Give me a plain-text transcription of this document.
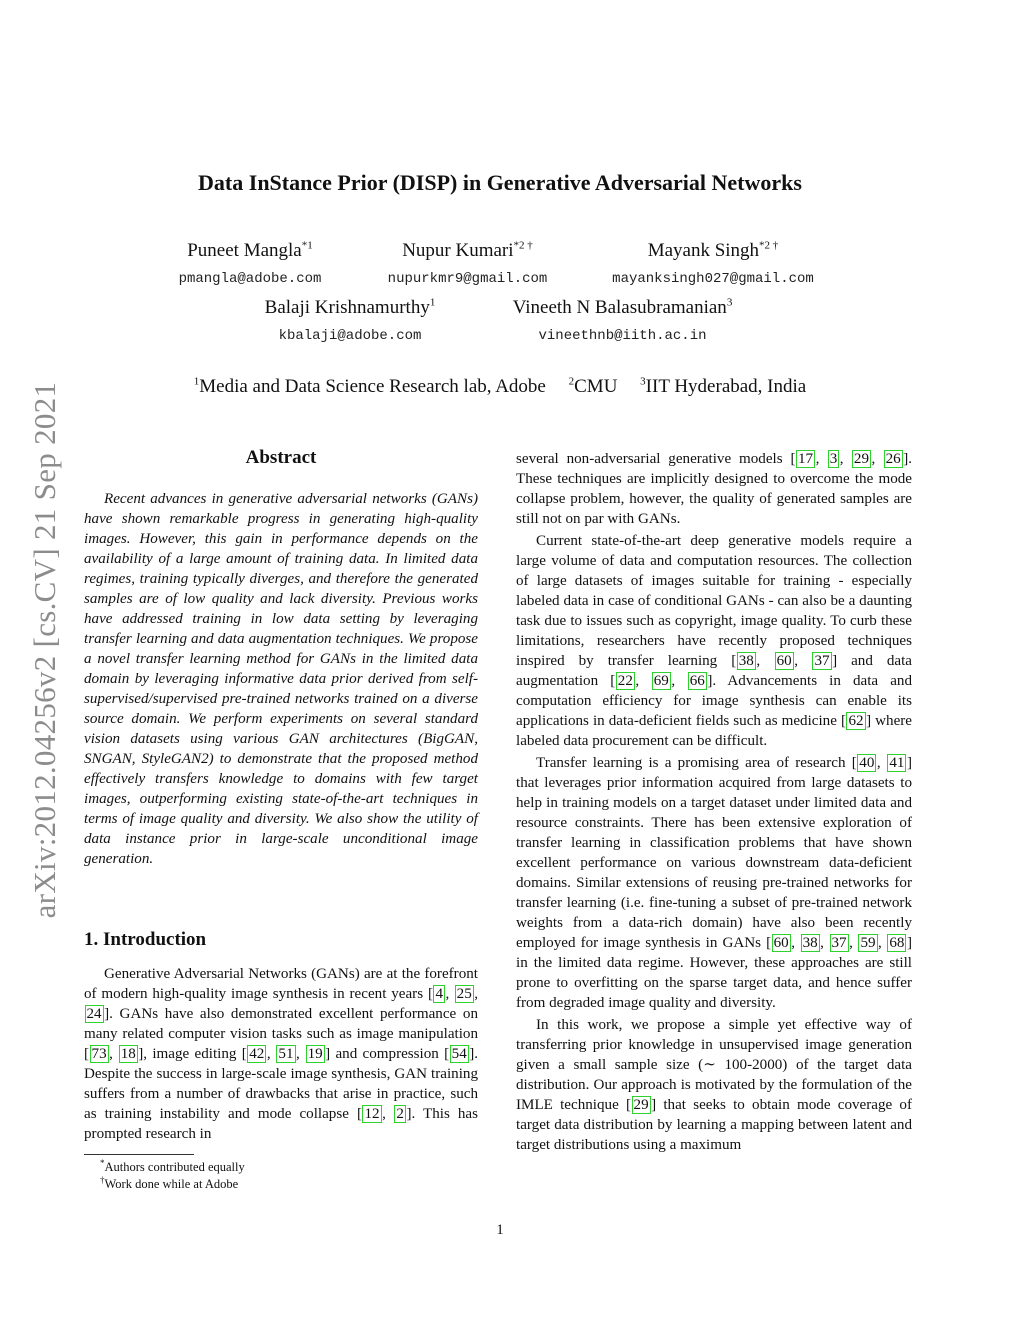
arXiv:2012.04256v2 [cs.CV] 21 Sep 2021
Data InStance Prior (DISP) in Generative Adversarial Networks
Puneet Mangla$^{*1}$
pmangla@adobe.com
Nupur Kumari$^{*2 \dagger}$
nupurkmr9@gmail.com
Mayank Singh$^{*2 \dagger}$
mayanksingh027@gmail.com
Balaji Krishnamurthy$^1$
kbalaji@adobe.com
Vineeth N Balasubramanian$^3$
vineethnb@iith.ac.in
$^1$Media and Data Science Research lab, Adobe $^2$CMU $^3$IIT Hyderabad, India
Abstract

Recent advances in generative adversarial networks (GANs) have shown remarkable progress in generating high-quality images. However, this gain in performance depends on the availability of a large amount of training data. In limited data regimes, training typically diverges, and therefore the generated samples are of low quality and lack diversity. Previous works have addressed training in low data setting by leveraging transfer learning and data augmentation techniques. We propose a novel transfer learning method for GANs in the limited data domain by leveraging informative data prior derived from self-supervised/supervised pre-trained networks trained on a diverse source domain. We perform experiments on several standard vision datasets using various GAN architectures (BigGAN, SNGAN, StyleGAN2) to demonstrate that the proposed method effectively transfers knowledge to domains with few target images, outperforming existing state-of-the-art techniques in terms of image quality and diversity. We also show the utility of data instance prior in large-scale unconditional image generation.

1. Introduction

Generative Adversarial Networks (GANs) are at the forefront of modern high-quality image synthesis in recent years [ 4 , 25 , 24 ]. GANs have also demonstrated excellent performance on many related computer vision tasks such as image manipulation [ 73 , 18 ], image editing [ 42 , 51 , 19 ] and compression [ 54 ]. Despite the success in large-scale image synthesis, GAN training suffers from a number of drawbacks that arise in practice, such as training instability and mode collapse [ 12 , 2 ]. This has prompted research in

several non-adversarial generative models [ 17 , 3 , 29 , 26 ]. These techniques are implicitly designed to overcome the mode collapse problem, however, the quality of generated samples are still not on par with GANs.

Current state-of-the-art deep generative models require a large volume of data and computation resources. The collection of large datasets of images suitable for training - especially labeled data in case of conditional GANs - can also be a daunting task due to issues such as copyright, image quality. To curb these limitations, researchers have recently proposed techniques inspired by transfer learning [ 38 , 60 , 37 ] and data augmentation [ 22 , 69 , 66 ]. Advancements in data and computation efficiency for image synthesis can enable its applications in data-deficient fields such as medicine [ 62 ] where labeled data procurement can be difficult.

Transfer learning is a promising area of research [ 40 , 41 ] that leverages prior information acquired from large datasets to help in training models on a target dataset under limited data and resource constraints. There has been extensive exploration of transfer learning in classification problems that have shown excellent performance on various downstream data-deficient domains. Similar extensions of reusing pre-trained networks for transfer learning (i.e. fine-tuning a subset of pre-trained network weights from a data-rich domain) have also been recently employed for image synthesis in GANs [ 60 , 38 , 37 , 59 , 68 ] in the limited data regime. However, these approaches are still prone to overfitting on the sparse target data, and hence suffer from degraded image quality and diversity.

In this work, we propose a simple yet effective way of transferring prior knowledge in unsupervised image generation given a small sample size (∼ 100-2000) of the target data distribution. Our approach is motivated by the formulation of the IMLE technique [ 29 ] that seeks to obtain mode coverage of target data distribution by learning a mapping between latent and target distributions using a maximum

*Authors contributed equally
†Work done while at Adobe
1
